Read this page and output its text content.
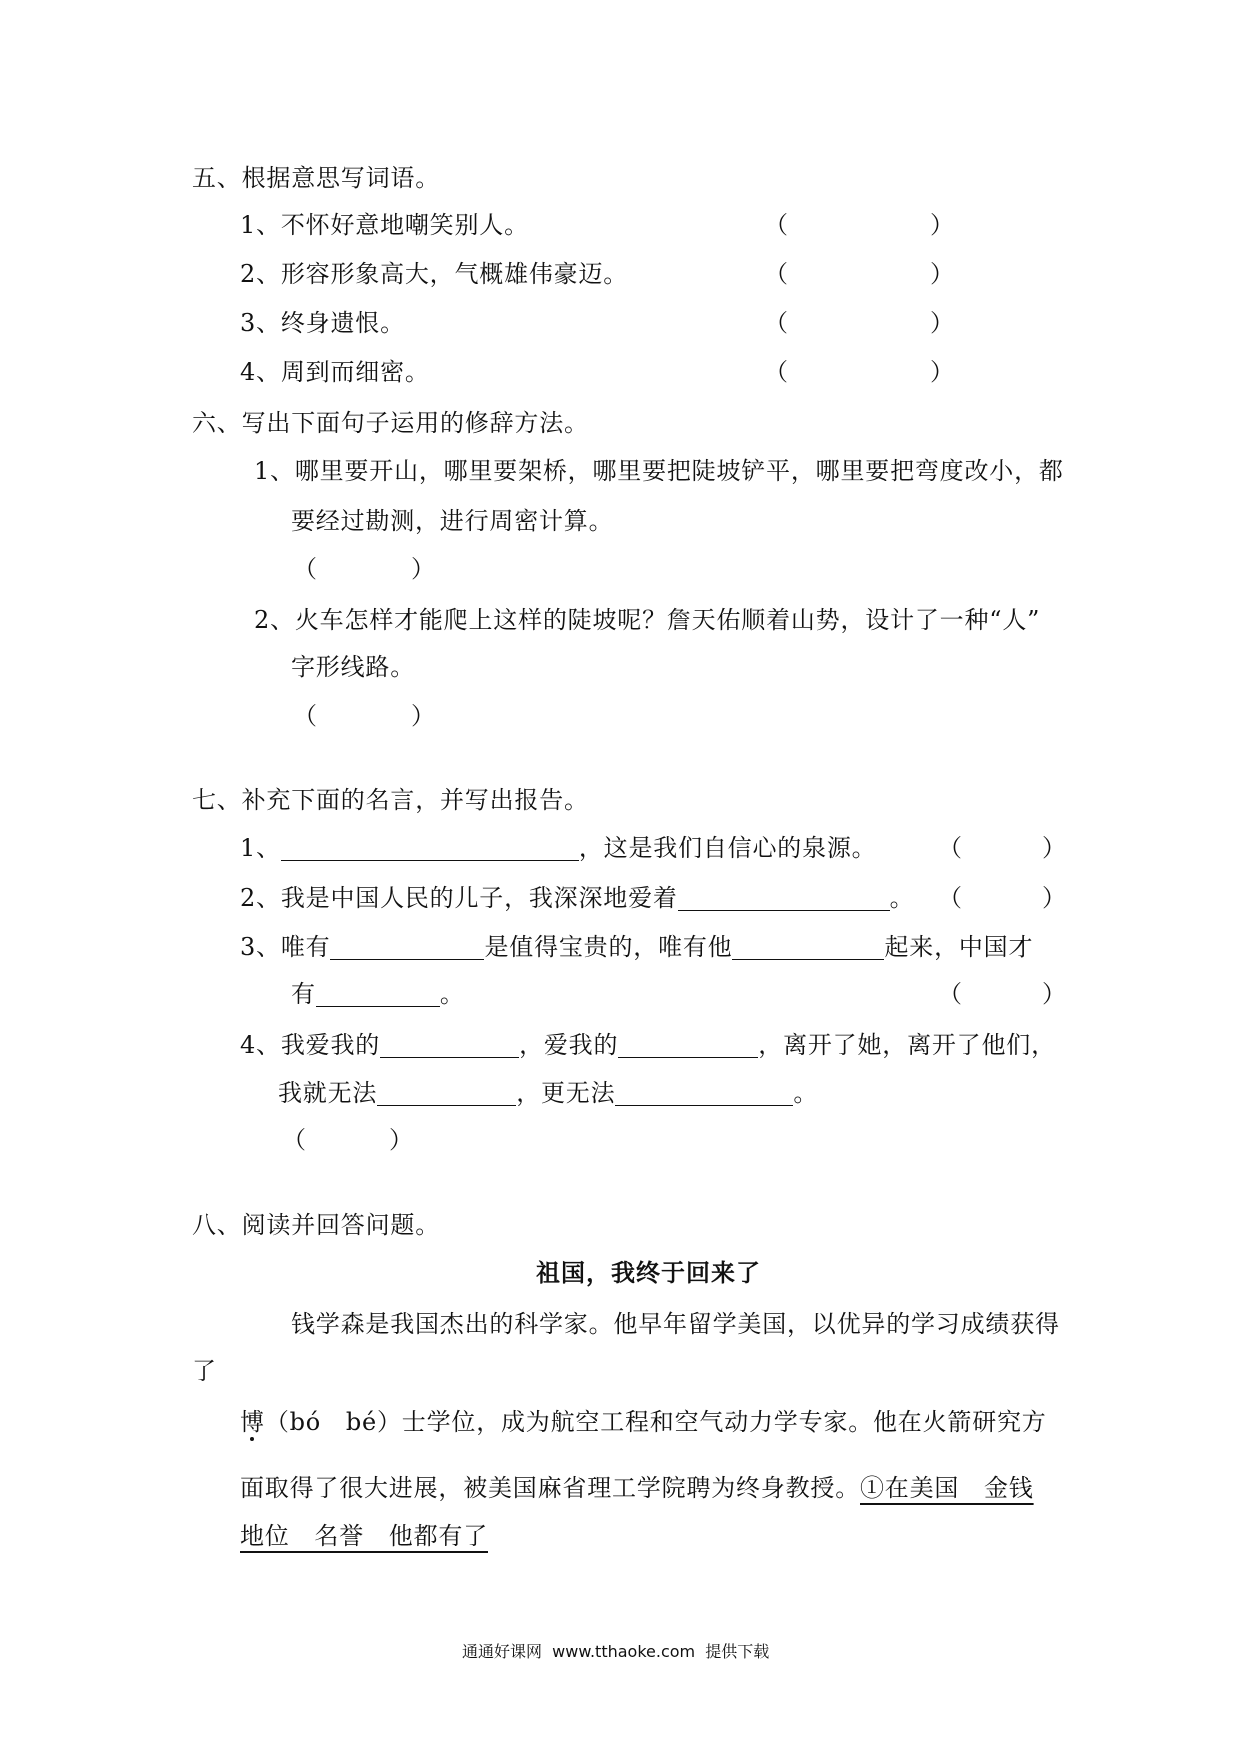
五、根据意思写词语。
1、不怀好意地嘲笑别人。	（	）
2、形容形象高大，气概雄伟豪迈。	（	）
3、终身遗恨。	（	）
4、周到而细密。	（	）
六、写出下面句子运用的修辞方法。
1、哪里要开山，哪里要架桥，哪里要把陡坡铲平，哪里要把弯度改小，都
要经过勘测，进行周密计算。
（	）
2、火车怎样才能爬上这样的陡坡呢？詹天佑顺着山势，设计了一种“人”
字形线路。
（	）
七、补充下面的名言，并写出报告。
1、	，这是我们自信心的泉源。	（	）
2、我是中国人民的儿子，我深深地爱着	。 （	）
3、唯有	是值得宝贵的，唯有他	起来，中国才
有	。	（	）
4、我爱我的	，爱我的	，离开了她，离开了他们，
我就无法	，更无法	。
（	）
八、阅读并回答问题。
祖国，我终于回来了
钱学森是我国杰出的科学家。他早年留学美国，以优异的学习成绩获得
了
博（bó　bé）士学位，成为航空工程和空气动力学专家。他在火箭研究方
面取得了很大进展，被美国麻省理工学院聘为终身教授。①在美国　金钱
地位　名誉　他都有了
通通好课网  www.tthaoke.com  提供下载
